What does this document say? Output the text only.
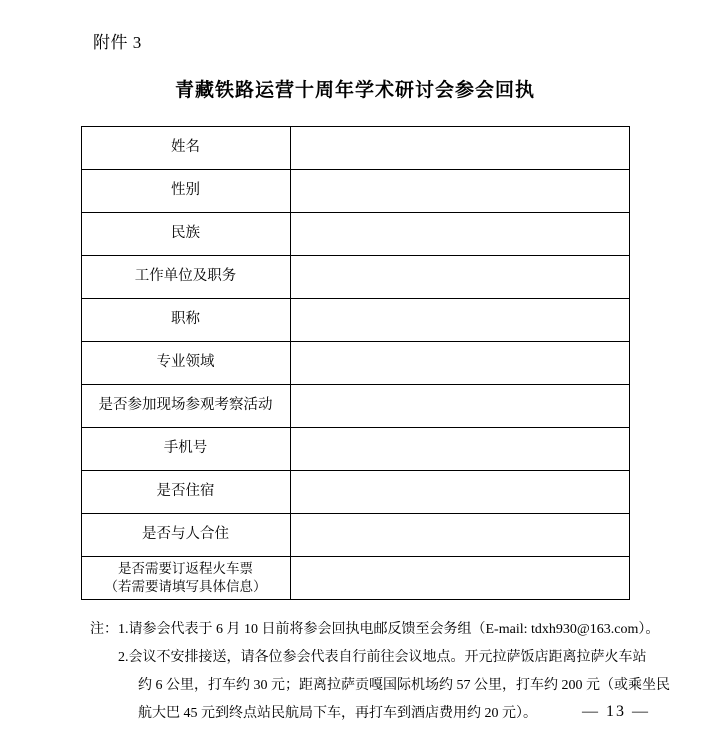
附件 3
青藏铁路运营十周年学术研讨会参会回执
姓名	
性别	
民族	
工作单位及职务	
职称	
专业领域	
是否参加现场参观考察活动	
手机号	
是否住宿	
是否与人合住	

是否需要订返程火车票
（若需要请填写具体信息）	

注：1.请参会代表于 6 月 10 日前将参会回执电邮反馈至会务组（E-mail: tdxh930@163.com）。

2.会议不安排接送，请各位参会代表自行前往会议地点。开元拉萨饭店距离拉萨火车站

约 6 公里，打车约 30 元；距离拉萨贡嘎国际机场约 57 公里，打车约 200 元（或乘坐民

航大巴 45 元到终点站民航局下车，再打车到酒店费用约 20 元）。	— 13 —
